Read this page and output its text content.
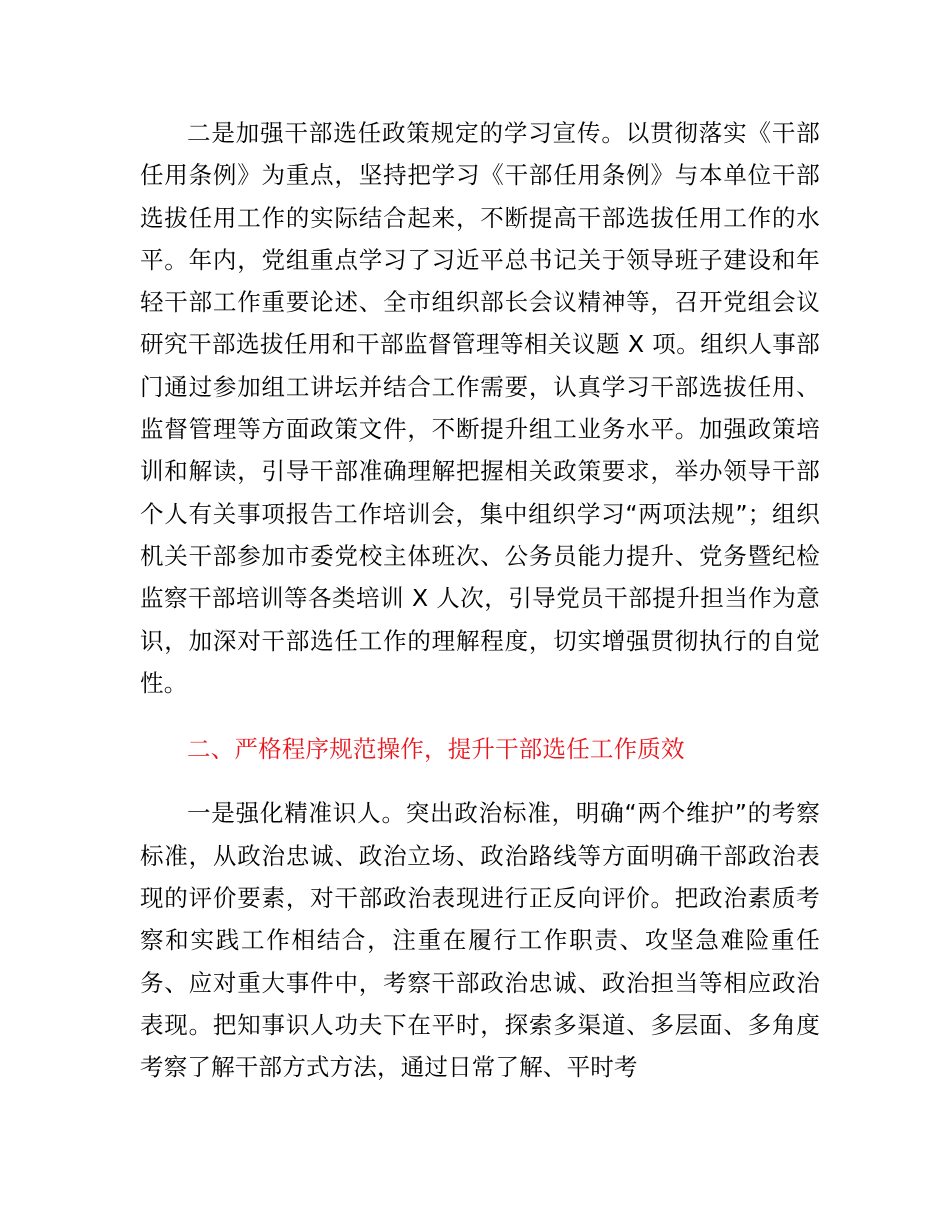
二是加强干部选任政策规定的学习宣传。以贯彻落实《干部任用条例》为重点，坚持把学习《干部任用条例》与本单位干部选拔任用工作的实际结合起来，不断提高干部选拔任用工作的水平。年内，党组重点学习了习近平总书记关于领导班子建设和年轻干部工作重要论述、全市组织部长会议精神等，召开党组会议研究干部选拔任用和干部监督管理等相关议题 X 项。组织人事部门通过参加组工讲坛并结合工作需要，认真学习干部选拔任用、监督管理等方面政策文件，不断提升组工业务水平。加强政策培训和解读，引导干部准确理解把握相关政策要求，举办领导干部个人有关事项报告工作培训会，集中组织学习“两项法规”；组织机关干部参加市委党校主体班次、公务员能力提升、党务暨纪检监察干部培训等各类培训 X 人次，引导党员干部提升担当作为意识，加深对干部选任工作的理解程度，切实增强贯彻执行的自觉性。

二、严格程序规范操作，提升干部选任工作质效

一是强化精准识人。突出政治标准，明确“两个维护”的考察标准，从政治忠诚、政治立场、政治路线等方面明确干部政治表现的评价要素，对干部政治表现进行正反向评价。把政治素质考察和实践工作相结合，注重在履行工作职责、攻坚急难险重任务、应对重大事件中，考察干部政治忠诚、政治担当等相应政治表现。把知事识人功夫下在平时，探索多渠道、多层面、多角度考察了解干部方式方法，通过日常了解、平时考
